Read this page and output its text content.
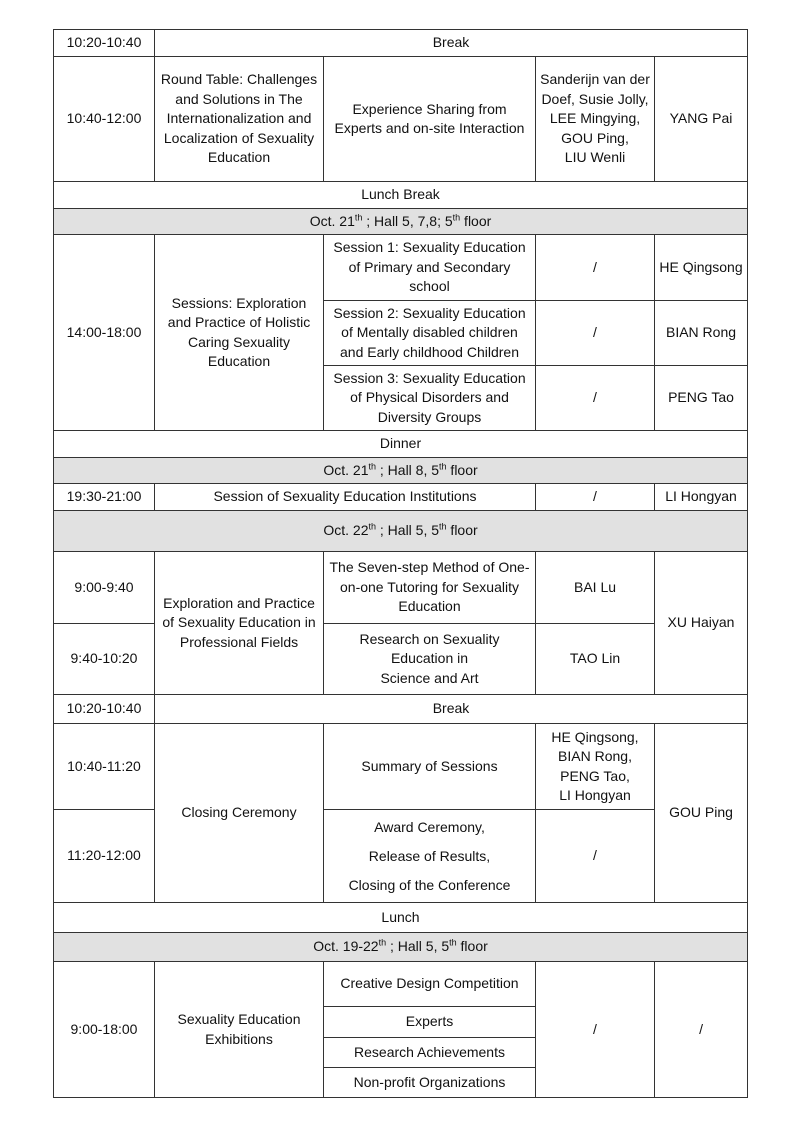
10:20-10:40	Break			
10:40-12:00	Round Table: Challenges and Solutions in The Internationalization and Localization of Sexuality Education	Experience Sharing from Experts and on-site Interaction	Sanderijn van der Doef, Susie Jolly,
LEE Mingying,
GOU Ping,
LIU Wenli	YANG Pai
Lunch Break				
Oct. 21th ; Hall 5, 7,8; 5th floor				
14:00-18:00	Sessions: Exploration and Practice of Holistic Caring Sexuality Education	Session 1: Sexuality Education of Primary and Secondary school	/	HE Qingsong
		Session 2: Sexuality Education of Mentally disabled children and Early childhood Children	/	BIAN Rong
		Session 3: Sexuality Education of Physical Disorders and Diversity Groups	/	PENG Tao
Dinner				
Oct. 21th ; Hall 8, 5th floor				
19:30-21:00	Session of Sexuality Education Institutions		/	LI Hongyan
Oct. 22th ; Hall 5, 5th floor				
9:00-9:40	Exploration and Practice of Sexuality Education in Professional Fields	The Seven-step Method of One-on-one Tutoring for Sexuality Education	BAI Lu	XU Haiyan
9:40-10:20		Research on Sexuality Education in
Science and Art	TAO Lin	
10:20-10:40	Break			
10:40-11:20	Closing Ceremony	Summary of Sessions	HE Qingsong,
BIAN Rong,
PENG Tao,
LI Hongyan	GOU Ping
11:20-12:00		Award Ceremony,
Release of Results,
Closing of the Conference	/	
Lunch				
Oct. 19-22th ; Hall 5, 5th floor				
9:00-18:00	Sexuality Education Exhibitions	Creative Design Competition	/	/
		Experts		
		Research Achievements		
		Non-profit Organizations		
